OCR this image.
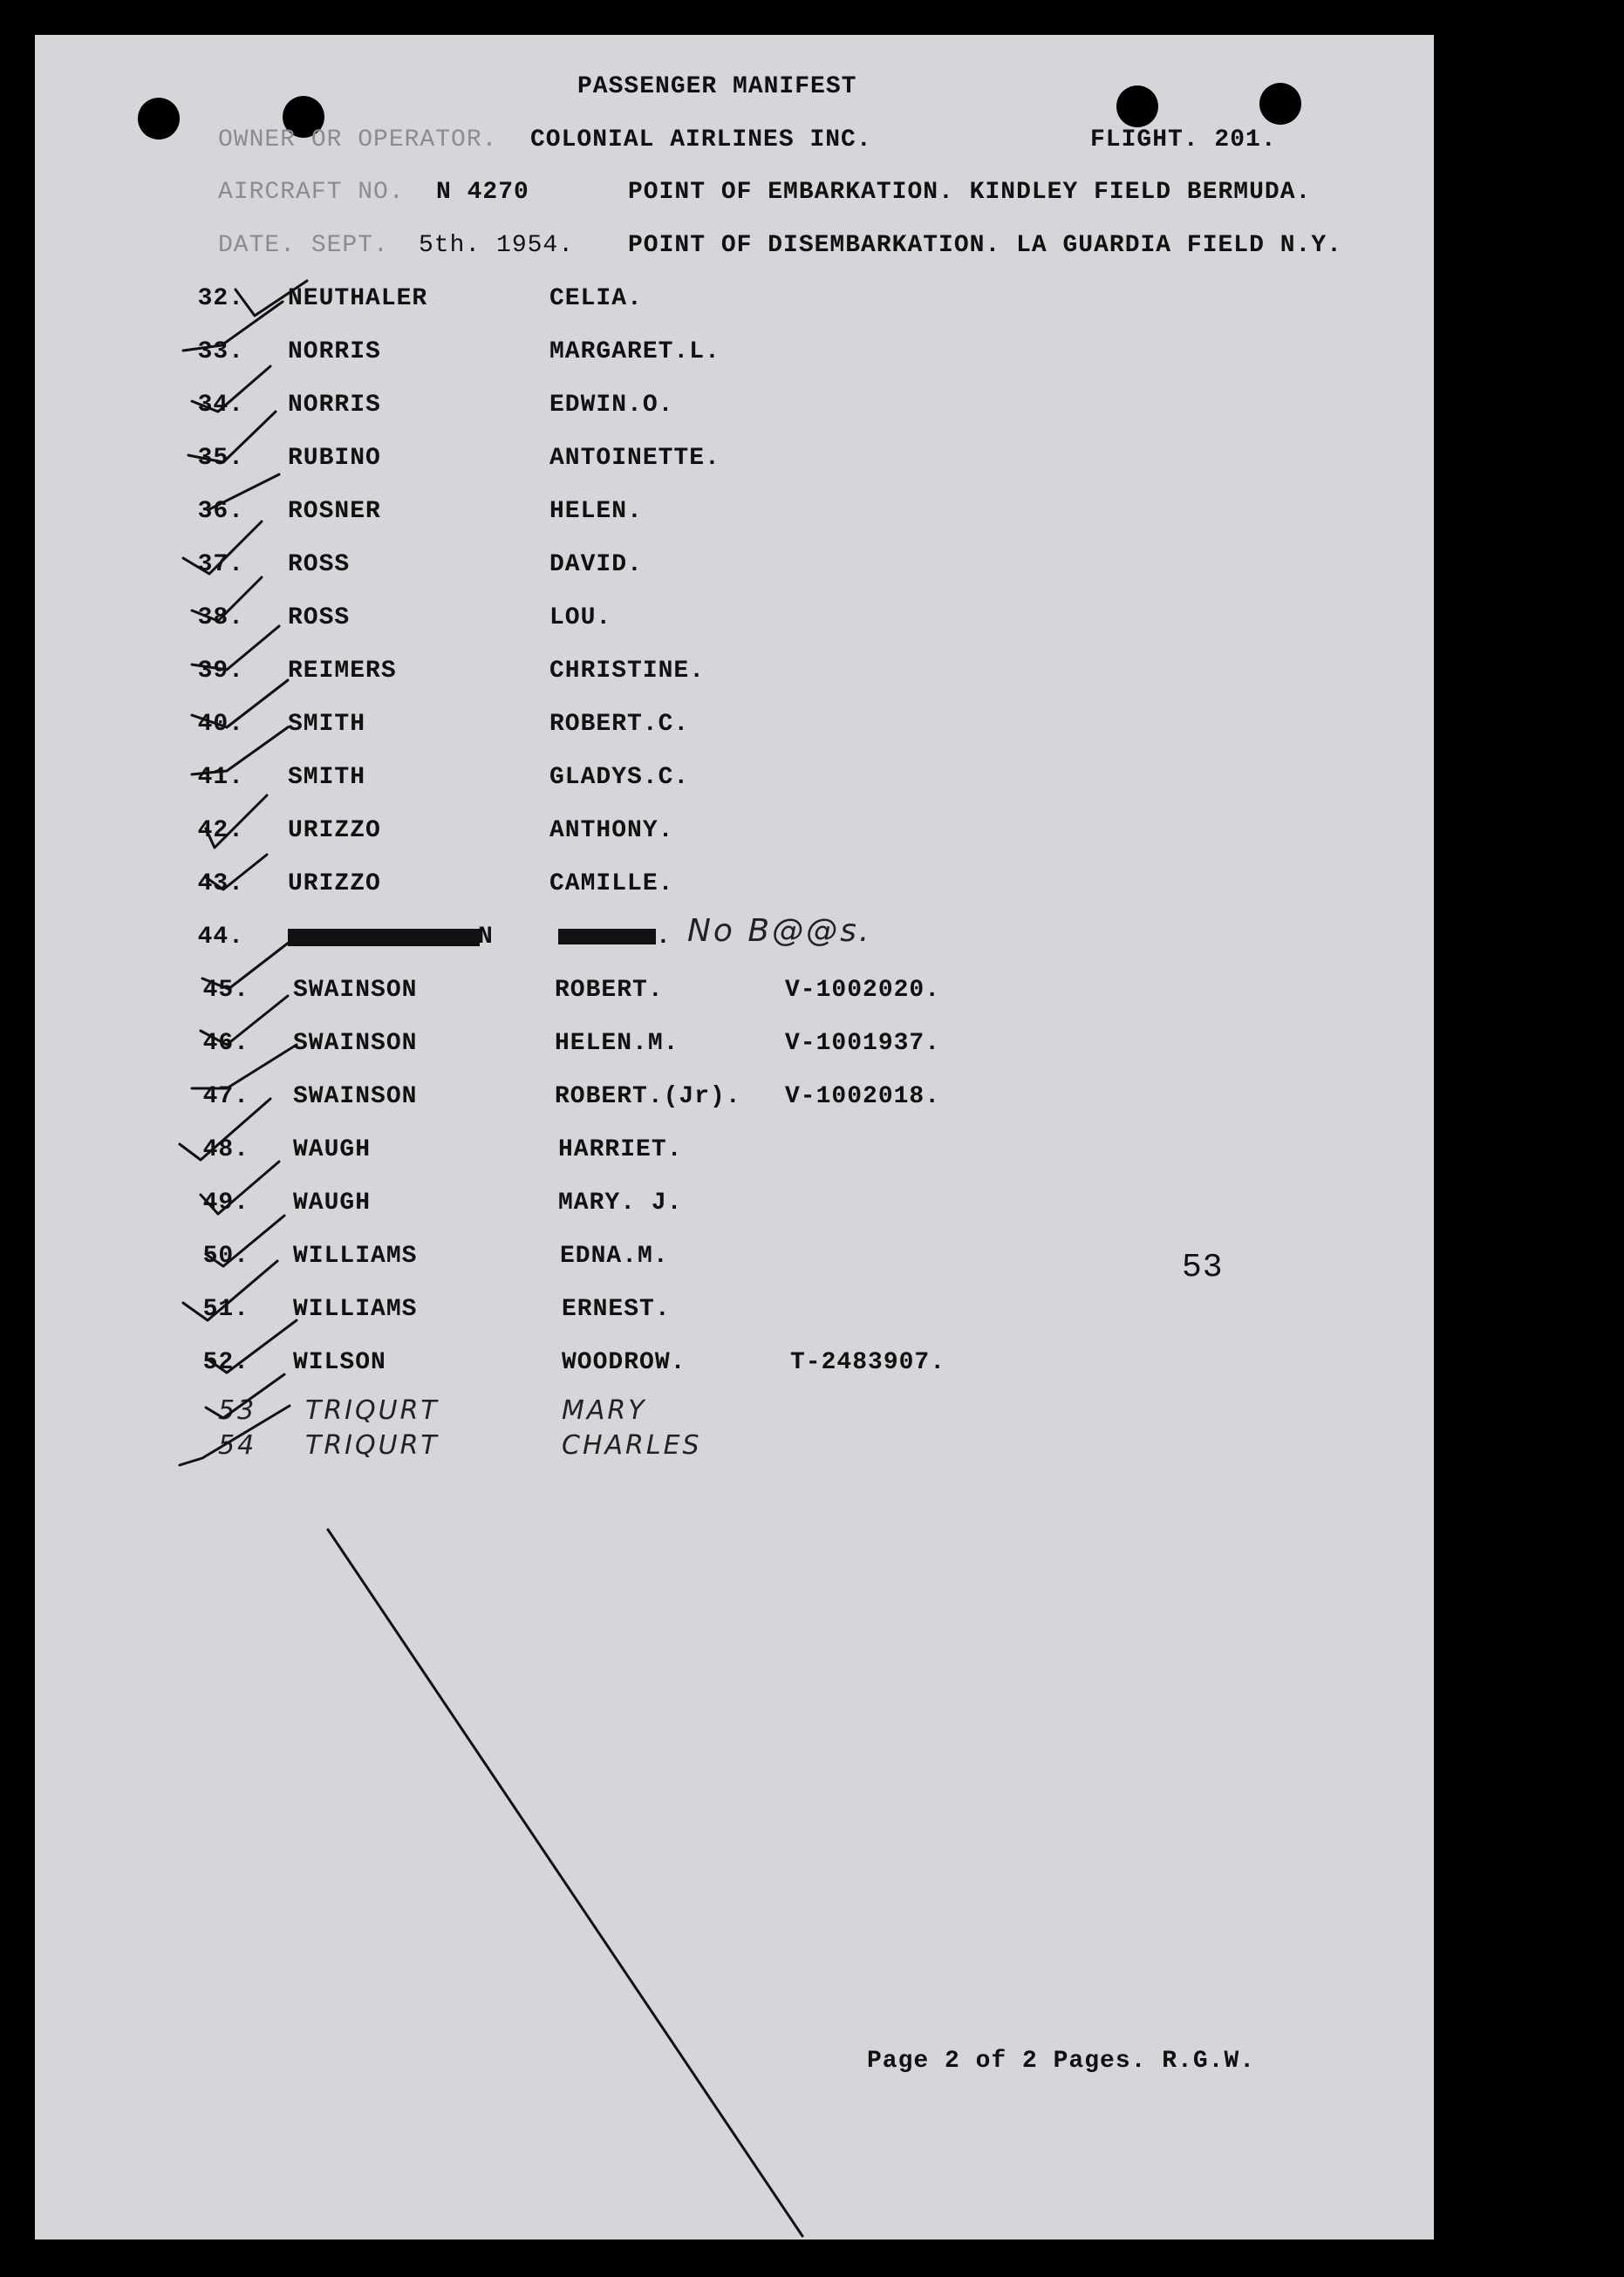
PASSENGER MANIFEST
OWNER OR OPERATOR. COLONIAL AIRLINES INC.	FLIGHT. 201.
AIRCRAFT NO. N 4270	POINT OF EMBARKATION. KINDLEY FIELD BERMUDA.
DATE. SEPT. 5th. 1954. POINT OF DISEMBARKATION. LA GUARDIA FIELD N.Y.
32. NEUTHALER	CELIA.
33. NORRIS	MARGARET.L.
34. NORRIS	EDWIN.O.
35. RUBINO	ANTOINETTE.
36. ROSNER	HELEN.
37. ROSS	DAVID.
38. ROSS	LOU.
39. REIMERS	CHRISTINE.
40. SMITH	ROBERT.C.
41. SMITH	GLADYS.C.
42. URIZZO	ANTHONY.
43. URIZZO	CAMILLE.
44.	N	. No B@@s.
45. SWAINSON	ROBERT.	V-1002020.
46. SWAINSON	HELEN.M.	V-1001937.
47. SWAINSON	ROBERT.(Jr). V-1002018.
48. WAUGH	HARRIET.
49. WAUGH	MARY. J.
50. WILLIAMS	EDNA.M.
51. WILLIAMS	ERNEST.
52. WILSON	WOODROW.	T-2483907.
53 TRIQURT	MARY
54 TRIQURT	CHARLES
53
Page 2 of 2 Pages. R.G.W.
